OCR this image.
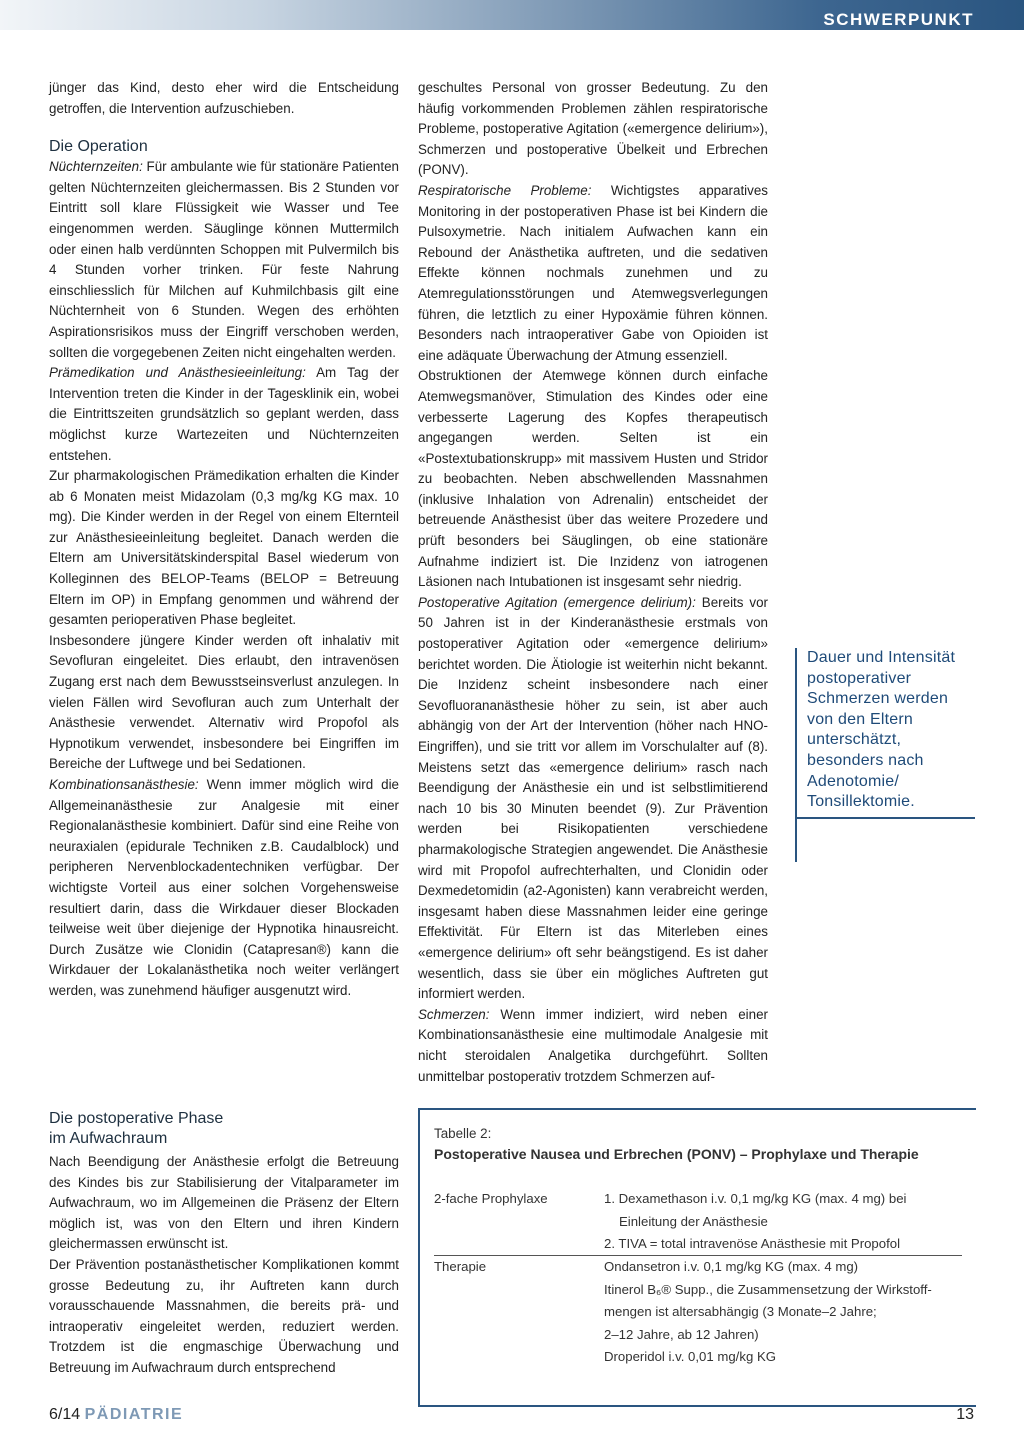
SCHWERPUNKT

jünger das Kind, desto eher wird die Entscheidung getroffen, die Intervention aufzuschieben.

Die Operation

Nüchternzeiten: Für ambulante wie für stationäre Patienten gelten Nüchternzeiten gleichermassen. Bis 2 Stunden vor Eintritt soll klare Flüssigkeit wie Wasser und Tee eingenommen werden. Säuglinge können Muttermilch oder einen halb verdünnten Schoppen mit Pulvermilch bis 4 Stunden vorher trinken. Für feste Nahrung einschliesslich für Milchen auf Kuhmilchbasis gilt eine Nüchternheit von 6 Stunden. Wegen des erhöhten Aspirationsrisikos muss der Eingriff verschoben werden, sollten die vorgegebenen Zeiten nicht eingehalten werden.

Prämedikation und Anästhesieeinleitung: Am Tag der Intervention treten die Kinder in der Tagesklinik ein, wobei die Eintrittszeiten grundsätzlich so geplant werden, dass möglichst kurze Wartezeiten und Nüchternzeiten entstehen.

Zur pharmakologischen Prämedikation erhalten die Kinder ab 6 Monaten meist Midazolam (0,3 mg/kg KG max. 10 mg). Die Kinder werden in der Regel von einem Elternteil zur Anästhesieeinleitung begleitet. Danach werden die Eltern am Universitätskinderspital Basel wiederum von Kolleginnen des BELOP-Teams (BELOP = Betreuung Eltern im OP) in Empfang genommen und während der gesamten perioperativen Phase begleitet.

Insbesondere jüngere Kinder werden oft inhalativ mit Sevofluran eingeleitet. Dies erlaubt, den intravenösen Zugang erst nach dem Bewusstseinsverlust anzulegen. In vielen Fällen wird Sevofluran auch zum Unterhalt der Anästhesie verwendet. Alternativ wird Propofol als Hypnotikum verwendet, insbesondere bei Eingriffen im Bereiche der Luftwege und bei Sedationen.

Kombinationsanästhesie: Wenn immer möglich wird die Allgemeinanästhesie zur Analgesie mit einer Regionalanästhesie kombiniert. Dafür sind eine Reihe von neuraxialen (epidurale Techniken z.B. Caudalblock) und peripheren Nervenblockadentechniken verfügbar. Der wichtigste Vorteil aus einer solchen Vorgehensweise resultiert darin, dass die Wirkdauer dieser Blockaden teilweise weit über diejenige der Hypnotika hinausreicht. Durch Zusätze wie Clonidin (Catapresan®) kann die Wirkdauer der Lokalanästhetika noch weiter verlängert werden, was zunehmend häufiger ausgenutzt wird.

Die postoperative Phase
im Aufwachraum

Nach Beendigung der Anästhesie erfolgt die Betreuung des Kindes bis zur Stabilisierung der Vitalparameter im Aufwachraum, wo im Allgemeinen die Präsenz der Eltern möglich ist, was von den Eltern und ihren Kindern gleichermassen erwünscht ist.

Der Prävention postanästhetischer Komplikationen kommt grosse Bedeutung zu, ihr Auftreten kann durch vorausschauende Massnahmen, die bereits prä- und intraoperativ eingeleitet werden, reduziert werden. Trotzdem ist die engmaschige Überwachung und Betreuung im Aufwachraum durch entsprechend

geschultes Personal von grosser Bedeutung. Zu den häufig vorkommenden Problemen zählen respiratorische Probleme, postoperative Agitation («emergence delirium»), Schmerzen und postoperative Übelkeit und Erbrechen (PONV).

Respiratorische Probleme: Wichtigstes apparatives Monitoring in der postoperativen Phase ist bei Kindern die Pulsoxymetrie. Nach initialem Aufwachen kann ein Rebound der Anästhetika auftreten, und die sedativen Effekte können nochmals zunehmen und zu Atemregulationsstörungen und Atemwegsverlegungen führen, die letztlich zu einer Hypoxämie führen können. Besonders nach intraoperativer Gabe von Opioiden ist eine adäquate Überwachung der Atmung essenziell.

Obstruktionen der Atemwege können durch einfache Atemwegsmanöver, Stimulation des Kindes oder eine verbesserte Lagerung des Kopfes therapeutisch angegangen werden. Selten ist ein «Postextubationskrupp» mit massivem Husten und Stridor zu beobachten. Neben abschwellenden Massnahmen (inklusive Inhalation von Adrenalin) entscheidet der betreuende Anästhesist über das weitere Prozedere und prüft besonders bei Säuglingen, ob eine stationäre Aufnahme indiziert ist. Die Inzidenz von iatrogenen Läsionen nach Intubationen ist insgesamt sehr niedrig.

Postoperative Agitation (emergence delirium): Bereits vor 50 Jahren ist in der Kinderanästhesie erstmals von postoperativer Agitation oder «emergence delirium» berichtet worden. Die Ätiologie ist weiterhin nicht bekannt. Die Inzidenz scheint insbesondere nach einer Sevofluorananästhesie höher zu sein, ist aber auch abhängig von der Art der Intervention (höher nach HNO-Eingriffen), und sie tritt vor allem im Vorschulalter auf (8). Meistens setzt das «emergence delirium» rasch nach Beendigung der Anästhesie ein und ist selbstlimitierend nach 10 bis 30 Minuten beendet (9). Zur Prävention werden bei Risikopatienten verschiedene pharmakologische Strategien angewendet. Die Anästhesie wird mit Propofol aufrechterhalten, und Clonidin oder Dexmedetomidin (a2-Agonisten) kann verabreicht werden, insgesamt haben diese Massnahmen leider eine geringe Effektivität. Für Eltern ist das Miterleben eines «emergence delirium» oft sehr beängstigend. Es ist daher wesentlich, dass sie über ein mögliches Auftreten gut informiert werden.

Schmerzen: Wenn immer indiziert, wird neben einer Kombinationsanästhesie eine multimodale Analgesie mit nicht steroidalen Analgetika durchgeführt. Sollten unmittelbar postoperativ trotzdem Schmerzen auf-

Dauer und Intensität postoperativer Schmerzen werden von den Eltern unterschätzt, besonders nach Adenotomie/ Tonsillektomie.
Tabelle 2:
Postoperative Nausea und Erbrechen (PONV) – Prophylaxe und Therapie
2-fache Prophylaxe	1. Dexamethason i.v. 0,1 mg/kg KG (max. 4 mg) bei
Einleitung der Anästhesie
2. TIVA = total intravenöse Anästhesie mit Propofol
Therapie	Ondansetron i.v. 0,1 mg/kg KG (max. 4 mg)
Itinerol B₆® Supp., die Zusammensetzung der Wirkstoff-
mengen ist altersabhängig (3 Monate–2 Jahre;
2–12 Jahre, ab 12 Jahren)
Droperidol i.v. 0,01 mg/kg KG
6/14 PÄDIATRIE	13
